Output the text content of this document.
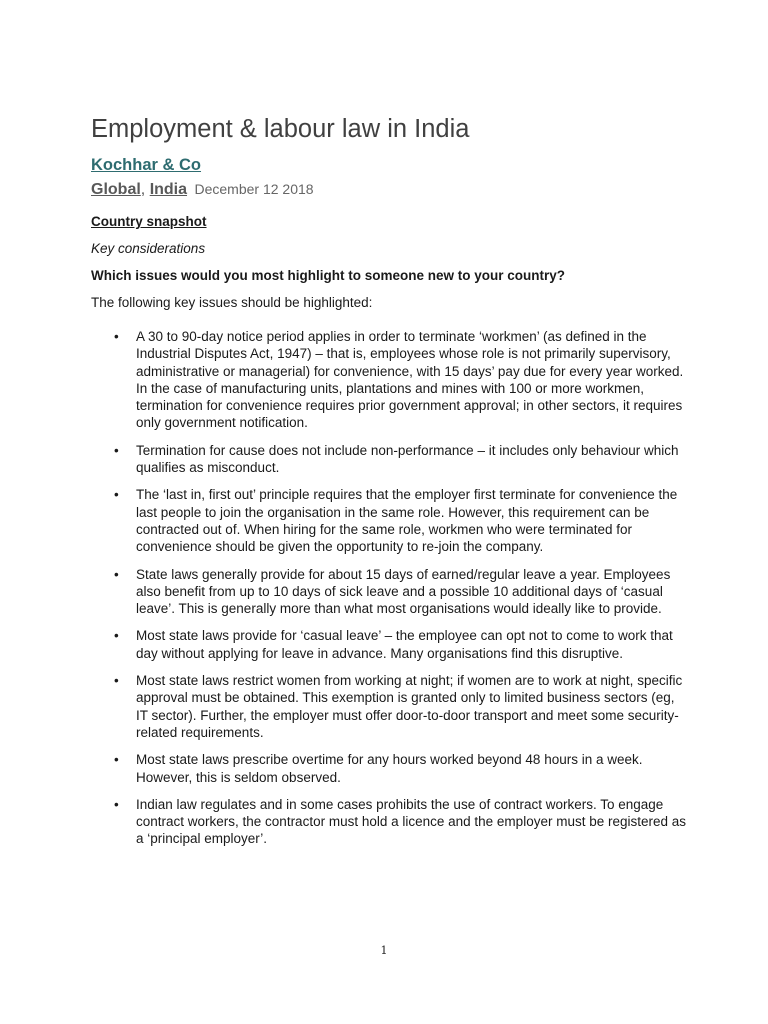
Employment & labour law in India
Kochhar & Co
Global, India December 12 2018
Country snapshot
Key considerations
Which issues would you most highlight to someone new to your country?
The following key issues should be highlighted:
• A 30 to 90-day notice period applies in order to terminate ‘workmen’ (as defined in the Industrial Disputes Act, 1947) – that is, employees whose role is not primarily supervisory, administrative or managerial) for convenience, with 15 days’ pay due for every year worked. In the case of manufacturing units, plantations and mines with 100 or more workmen, termination for convenience requires prior government approval; in other sectors, it requires only government notification.
• Termination for cause does not include non-performance – it includes only behaviour which qualifies as misconduct.
• The ‘last in, first out’ principle requires that the employer first terminate for convenience the last people to join the organisation in the same role. However, this requirement can be contracted out of. When hiring for the same role, workmen who were terminated for convenience should be given the opportunity to re-join the company.
• State laws generally provide for about 15 days of earned/regular leave a year. Employees also benefit from up to 10 days of sick leave and a possible 10 additional days of ‘casual leave’. This is generally more than what most organisations would ideally like to provide.
• Most state laws provide for ‘casual leave’ – the employee can opt not to come to work that day without applying for leave in advance. Many organisations find this disruptive.
• Most state laws restrict women from working at night; if women are to work at night, specific approval must be obtained. This exemption is granted only to limited business sectors (eg, IT sector). Further, the employer must offer door-to-door transport and meet some security-related requirements.
• Most state laws prescribe overtime for any hours worked beyond 48 hours in a week. However, this is seldom observed.
• Indian law regulates and in some cases prohibits the use of contract workers. To engage contract workers, the contractor must hold a licence and the employer must be registered as a ‘principal employer’.
1
